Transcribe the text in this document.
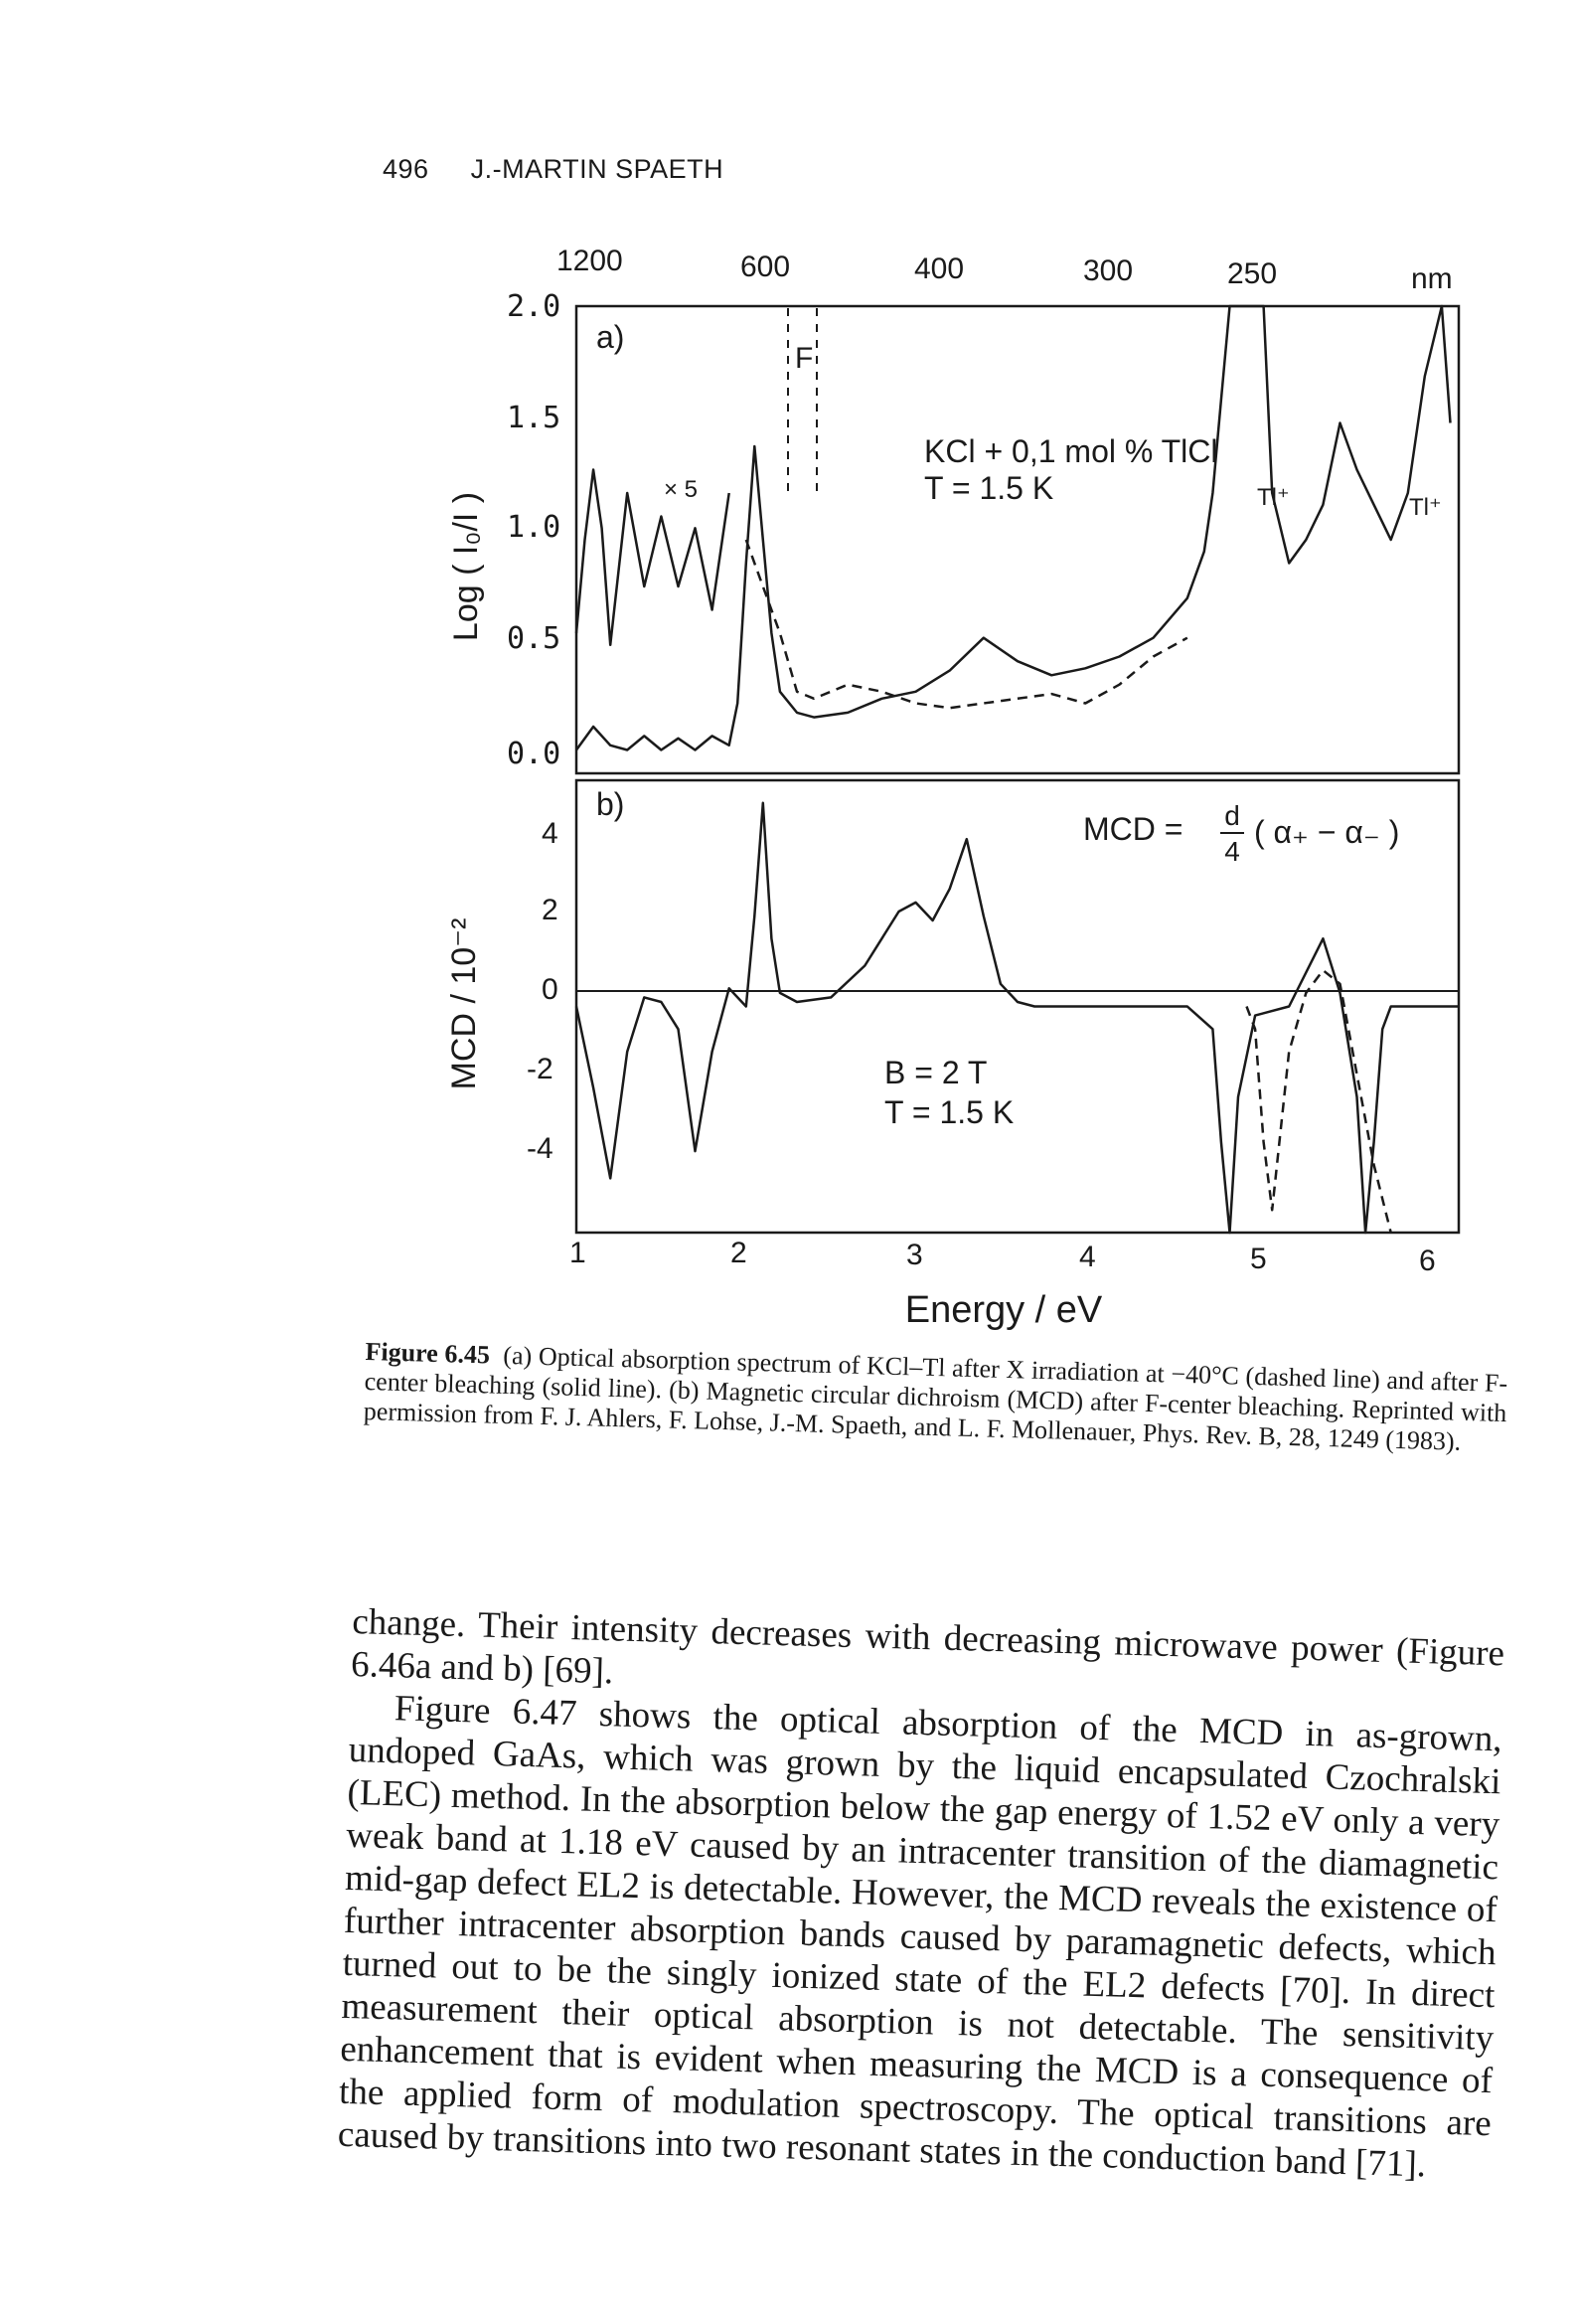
496 J.-MARTIN SPAETH
1200	600	400	300	250	nm
2.0
1.5
1.0
0.5
0.0
Log ( I₀/I )
4
2
0
-2
-4
MCD / 10⁻²
1	2	3	4	5	6
Energy / eV
a)
b)
KCl + 0,1 mol % TlCl
T = 1.5 K
× 5
F
Tl⁺	Tl⁺
MCD = d
4
( α₊ − α₋ )
B = 2 T
T = 1.5 K
Figure 6.45 (a) Optical absorption spectrum of KCl–Tl after X irradiation at −40°C (dashed line) and after F-center bleaching (solid line). (b) Magnetic circular dichroism (MCD) after F-center bleaching. Reprinted with permission from F. J. Ahlers, F. Lohse, J.-M. Spaeth, and L. F. Mollenauer, Phys. Rev. B, 28, 1249 (1983).

change. Their intensity decreases with decreasing microwave power (Figure 6.46a and b) [69].

Figure 6.47 shows the optical absorption of the MCD in as-grown, undoped GaAs, which was grown by the liquid encapsulated Czochralski (LEC) method. In the absorption below the gap energy of 1.52 eV only a very weak band at 1.18 eV caused by an intracenter transition of the diamagnetic mid-gap defect EL2 is detectable. However, the MCD reveals the existence of further intracenter absorption bands caused by paramagnetic defects, which turned out to be the singly ionized state of the EL2 defects [70]. In direct measurement their optical absorption is not detectable. The sensitivity enhancement that is evident when measuring the MCD is a consequence of the applied form of modulation spectroscopy. The optical transitions are caused by transitions into two resonant states in the conduction band [71].
